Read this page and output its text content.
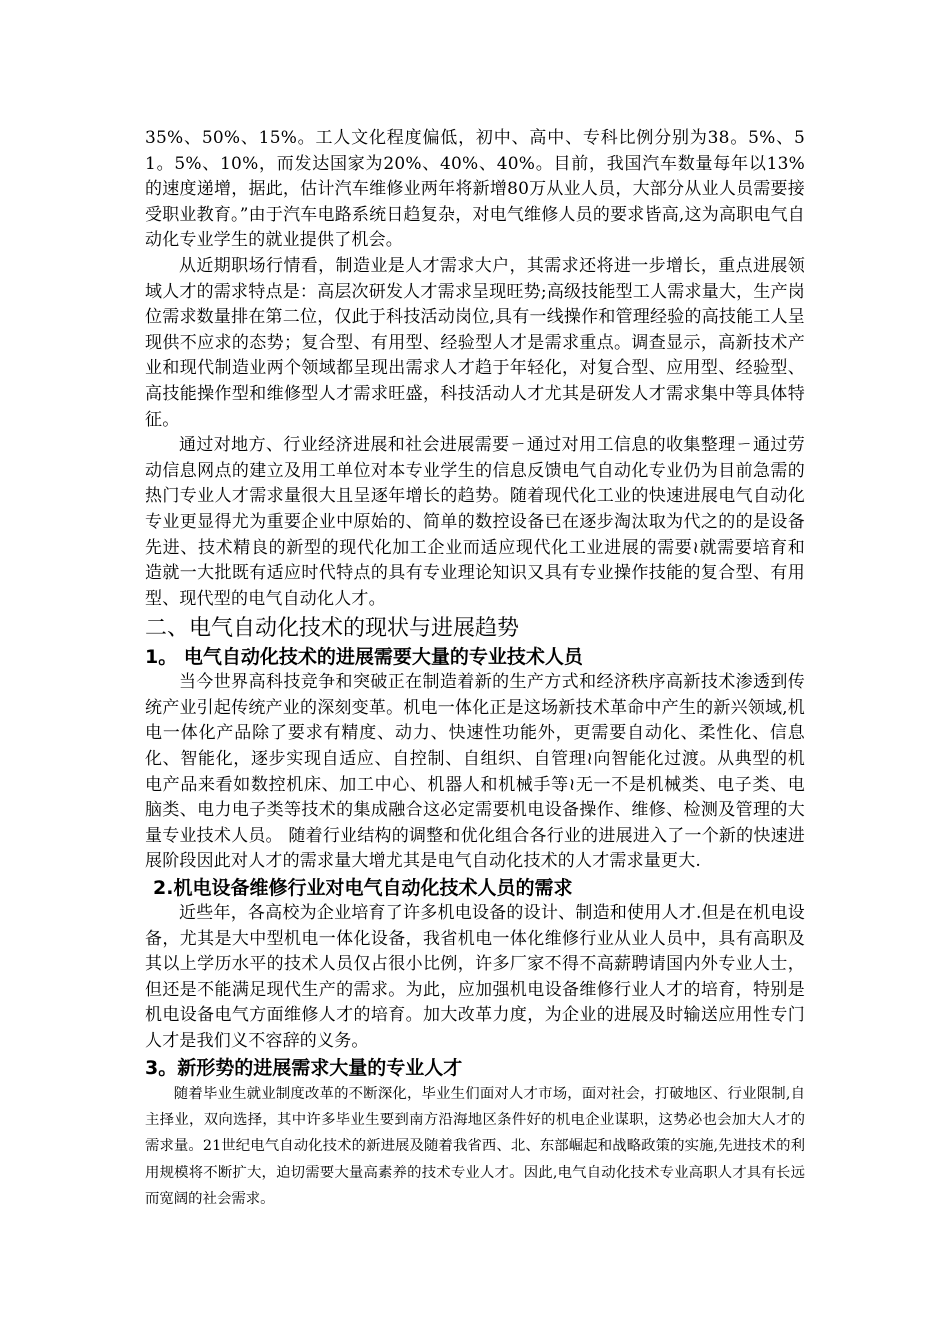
35%、50%、15%。工人文化程度偏低，初中、高中、专科比例分别为38。5%、51。5%、10%，而发达国家为20%、40%、40%。目前，我国汽车数量每年以13%的速度递增，据此，估计汽车维修业两年将新增80万从业人员，大部分从业人员需要接受职业教育。”由于汽车电路系统日趋复杂，对电气维修人员的要求皆高,这为高职电气自动化专业学生的就业提供了机会。

从近期职场行情看，制造业是人才需求大户，其需求还将进一步增长，重点进展领域人才的需求特点是：高层次研发人才需求呈现旺势;高级技能型工人需求量大，生产岗位需求数量排在第二位，仅此于科技活动岗位,具有一线操作和管理经验的高技能工人呈现供不应求的态势；复合型、有用型、经验型人才是需求重点。调查显示，高新技术产业和现代制造业两个领域都呈现出需求人才趋于年轻化，对复合型、应用型、经验型、高技能操作型和维修型人才需求旺盛，科技活动人才尤其是研发人才需求集中等具体特征。

通过对地方、行业经济进展和社会进展需要ㄧ通过对用工信息的收集整理ㄧ通过劳动信息网点的建立及用工单位对本专业学生的信息反馈电气自动化专业仍为目前急需的热门专业人才需求量很大且呈逐年增长的趋势。随着现代化工业的快速进展电气自动化专业更显得尤为重要企业中原始的、简单的数控设备已在逐步淘汰取为代之的的是设备先进、技术精良的新型的现代化加工企业而适应现代化工业进展的需要≀就需要培育和造就一大批既有适应时代特点的具有专业理论知识又具有专业操作技能的复合型、有用型、现代型的电气自动化人才。

二、电气自动化技术的现状与进展趋势
1。 电气自动化技术的进展需要大量的专业技术人员

当今世界高科技竞争和突破正在制造着新的生产方式和经济秩序高新技术渗透到传统产业引起传统产业的深刻变革。机电一体化正是这场新技术革命中产生的新兴领域,机电一体化产品除了要求有精度、动力、快速性功能外，更需要自动化、柔性化、信息化、智能化，逐步实现自适应、自控制、自组织、自管理≀向智能化过渡。从典型的机电产品来看如数控机床、加工中心、机器人和机械手等≀无一不是机械类、电子类、电脑类、电力电子类等技术的集成融合这必定需要机电设备操作、维修、检测及管理的大量专业技术人员。 随着行业结构的调整和优化组合各行业的进展进入了一个新的快速进展阶段因此对人才的需求量大增尤其是电气自动化技术的人才需求量更大.

2.机电设备维修行业对电气自动化技术人员的需求

近些年，各高校为企业培育了许多机电设备的设计、制造和使用人才.但是在机电设备，尤其是大中型机电一体化设备，我省机电一体化维修行业从业人员中，具有高职及其以上学历水平的技术人员仅占很小比例，许多厂家不得不高薪聘请国内外专业人士，但还是不能满足现代生产的需求。为此，应加强机电设备维修行业人才的培育，特别是机电设备电气方面维修人才的培育。加大改革力度，为企业的进展及时输送应用性专门人才是我们义不容辞的义务。

3。新形势的进展需求大量的专业人才

随着毕业生就业制度改革的不断深化，毕业生们面对人才市场，面对社会，打破地区、行业限制,自主择业，双向选择，其中许多毕业生要到南方沿海地区条件好的机电企业谋职，这势必也会加大人才的需求量。21世纪电气自动化技术的新进展及随着我省西、北、东部崛起和战略政策的实施,先进技术的利用规模将不断扩大，迫切需要大量高素养的技术专业人才。因此,电气自动化技术专业高职人才具有长远而宽阔的社会需求。
